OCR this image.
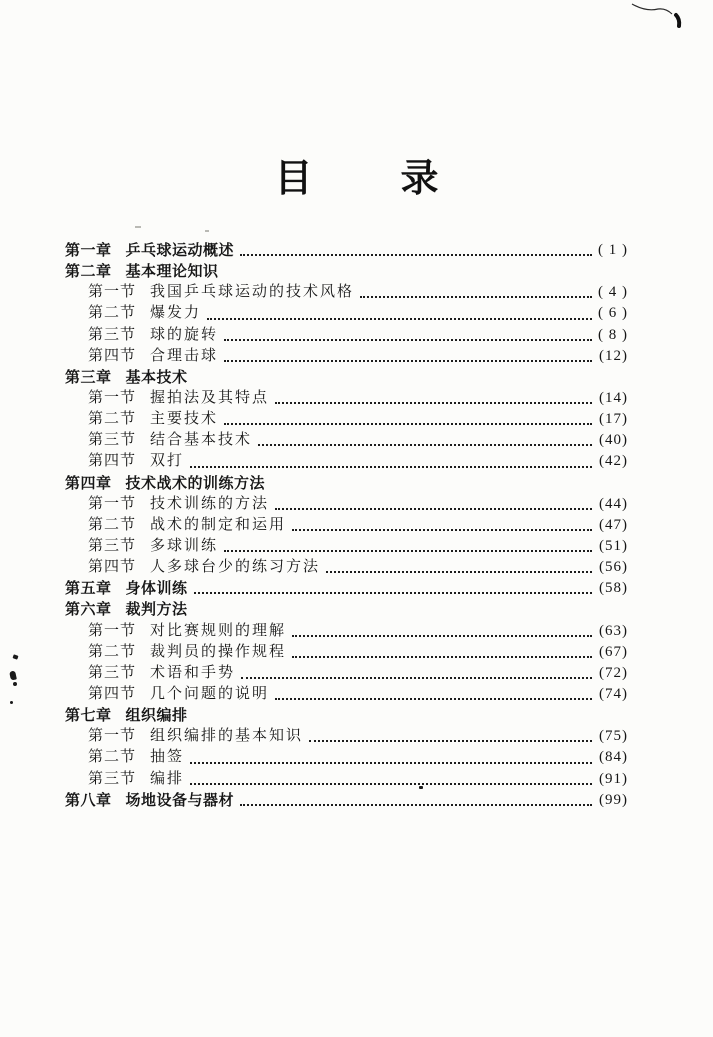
目 录
第一章 乒乓球运动概述	( 1 )
第二章 基本理论知识
第一节 我国乒乓球运动的技术风格	( 4 )
第二节 爆发力	( 6 )
第三节 球的旋转	( 8 )
第四节 合理击球	(12)
第三章 基本技术
第一节 握拍法及其特点	(14)
第二节 主要技术	(17)
第三节 结合基本技术	(40)
第四节 双打	(42)
第四章 技术战术的训练方法
第一节 技术训练的方法	(44)
第二节 战术的制定和运用	(47)
第三节 多球训练	(51)
第四节 人多球台少的练习方法	(56)
第五章 身体训练	(58)
第六章 裁判方法
第一节 对比赛规则的理解	(63)
第二节 裁判员的操作规程	(67)
第三节 术语和手势	(72)
第四节 几个问题的说明	(74)
第七章 组织编排
第一节 组织编排的基本知识	(75)
第二节 抽签	(84)
第三节 编排	(91)
第八章 场地设备与器材	(99)
